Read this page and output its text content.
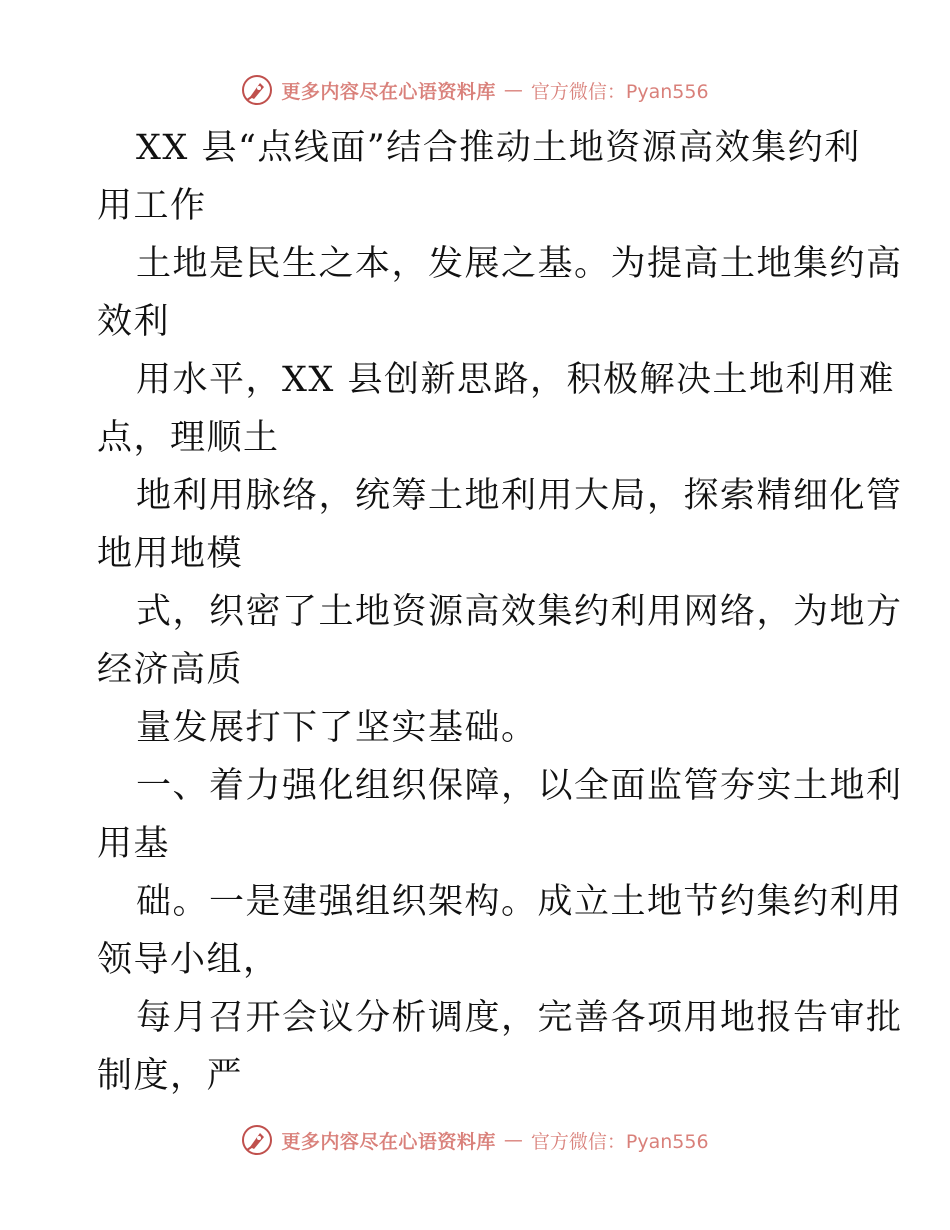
更多内容尽在心语资料库 — 官方微信：Pyan556
XX 县“点线面”结合推动土地资源高效集约利
用工作
土地是民生之本，发展之基。为提高土地集约高
效利
用水平，XX 县创新思路，积极解决土地利用难
点，理顺土
地利用脉络，统筹土地利用大局，探索精细化管
地用地模
式，织密了土地资源高效集约利用网络，为地方
经济高质
量发展打下了坚实基础。
一、着力强化组织保障，以全面监管夯实土地利
用基
础。一是建强组织架构。成立土地节约集约利用
领导小组，
每月召开会议分析调度，完善各项用地报告审批
制度，严
更多内容尽在心语资料库 — 官方微信：Pyan556
